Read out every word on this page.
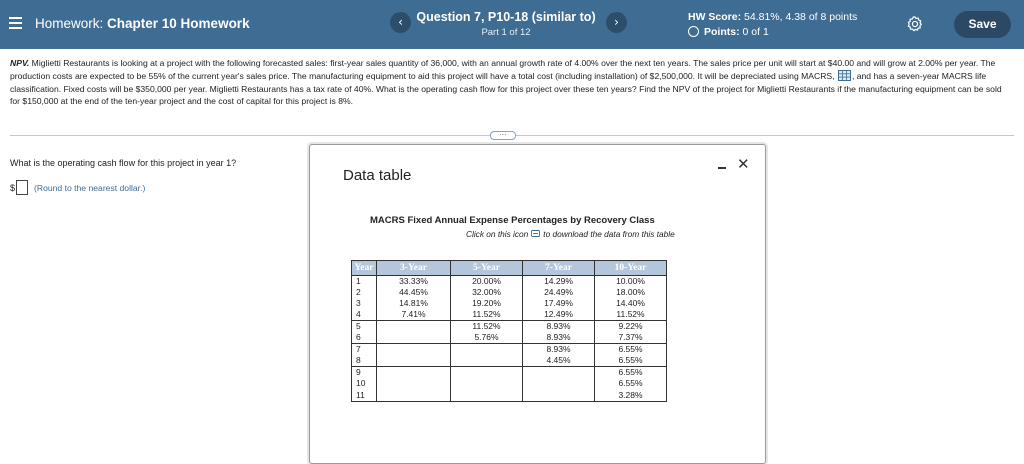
Homework: Chapter 10 Homework	‹	Question 7, P10-18 (similar to)
Part 1 of 12
›	HW Score: 54.81%, 4.38 of 8 points
Points: 0 of 1
Save
NPV. Miglietti Restaurants is looking at a project with the following forecasted sales: first-year sales quantity of 36,000, with an annual growth rate of 4.00% over the next ten years. The sales price per unit will start at $40.00 and will grow at 2.00% per year. The production costs are expected to be 55% of the current year's sales price. The manufacturing equipment to aid this project will have a total cost (including installation) of $2,500,000. It will be depreciated using MACRS, , and has a seven-year MACRS life classification. Fixed costs will be $350,000 per year. Miglietti Restaurants has a tax rate of 40%. What is the operating cash flow for this project over these ten years? Find the NPV of the project for Miglietti Restaurants if the manufacturing equipment can be sold for $150,000 at the end of the ten-year project and the cost of capital for this project is 8%.
···
What is the operating cash flow for this project in year 1?
$ (Round to the nearest dollar.)
Data table
✕
MACRS Fixed Annual Expense Percentages by Recovery Class
Click on this icon to download the data from this table
Year	3-Year	5-Year	7-Year	10-Year
1	33.33%	20.00%	14.29%	10.00%
2	44.45%	32.00%	24.49%	18.00%
3	14.81%	19.20%	17.49%	14.40%
4	7.41%	11.52%	12.49%	11.52%
5		11.52%	8.93%	9.22%
6		5.76%	8.93%	7.37%
7			8.93%	6.55%
8			4.45%	6.55%
9				6.55%
10				6.55%
11				3.28%
